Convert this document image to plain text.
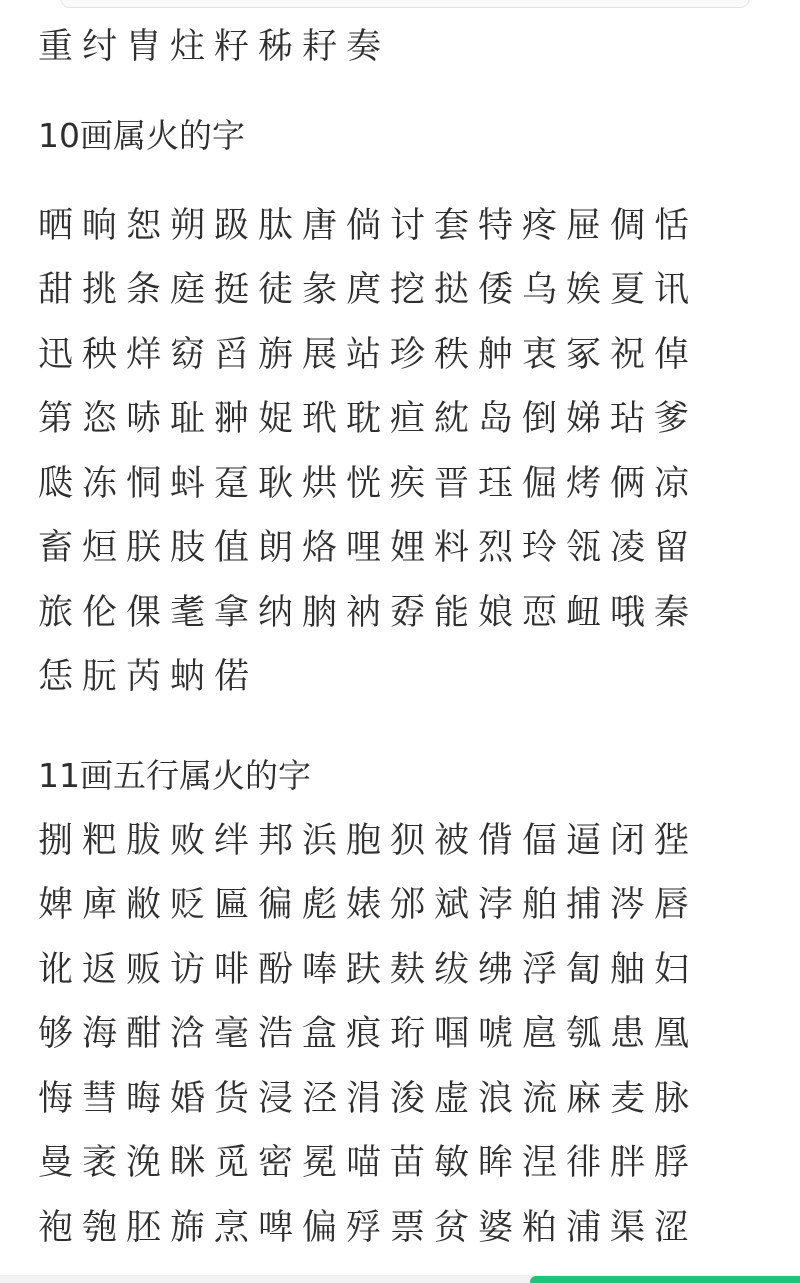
重纣胄炷籽秭耔奏
10画属火的字
晒晌恕朔趿肽唐倘讨套特疼屉倜恬
甜挑条庭挺徒彖庹挖挞倭乌娭夏讯
迅秧烊窈舀旃展站珍秩舯衷冢祝倬
第恣哧耻翀娖玳耽疸紞岛倒娣玷爹
瓞冻恫蚪趸耿烘恍疾晋珏倔烤俩凉
畜烜朕肢值朗烙哩娌料烈玲瓴凌留
旅伦倮耄拿纳朒衲孬能娘恧衄哦秦
恁朊芮蚋偌
11画五行属火的字
捌粑胈败绊邦浜胞狈被偝偪逼闭狴
婢庳敝贬匾徧彪婊邠斌浡舶捕涔唇
讹返贩访啡酚唪趺麸绂绋浮匐舳妇
够海酣浛毫浩盒痕珩啯唬扈瓠患凰
悔彗晦婚货浸泾涓浚虚浪流麻麦脉
曼袤浼眯觅密冕喵苗敏眸涅徘胖脬
袍匏胚旆烹啤偏殍票贫婆粕浦渠涩
